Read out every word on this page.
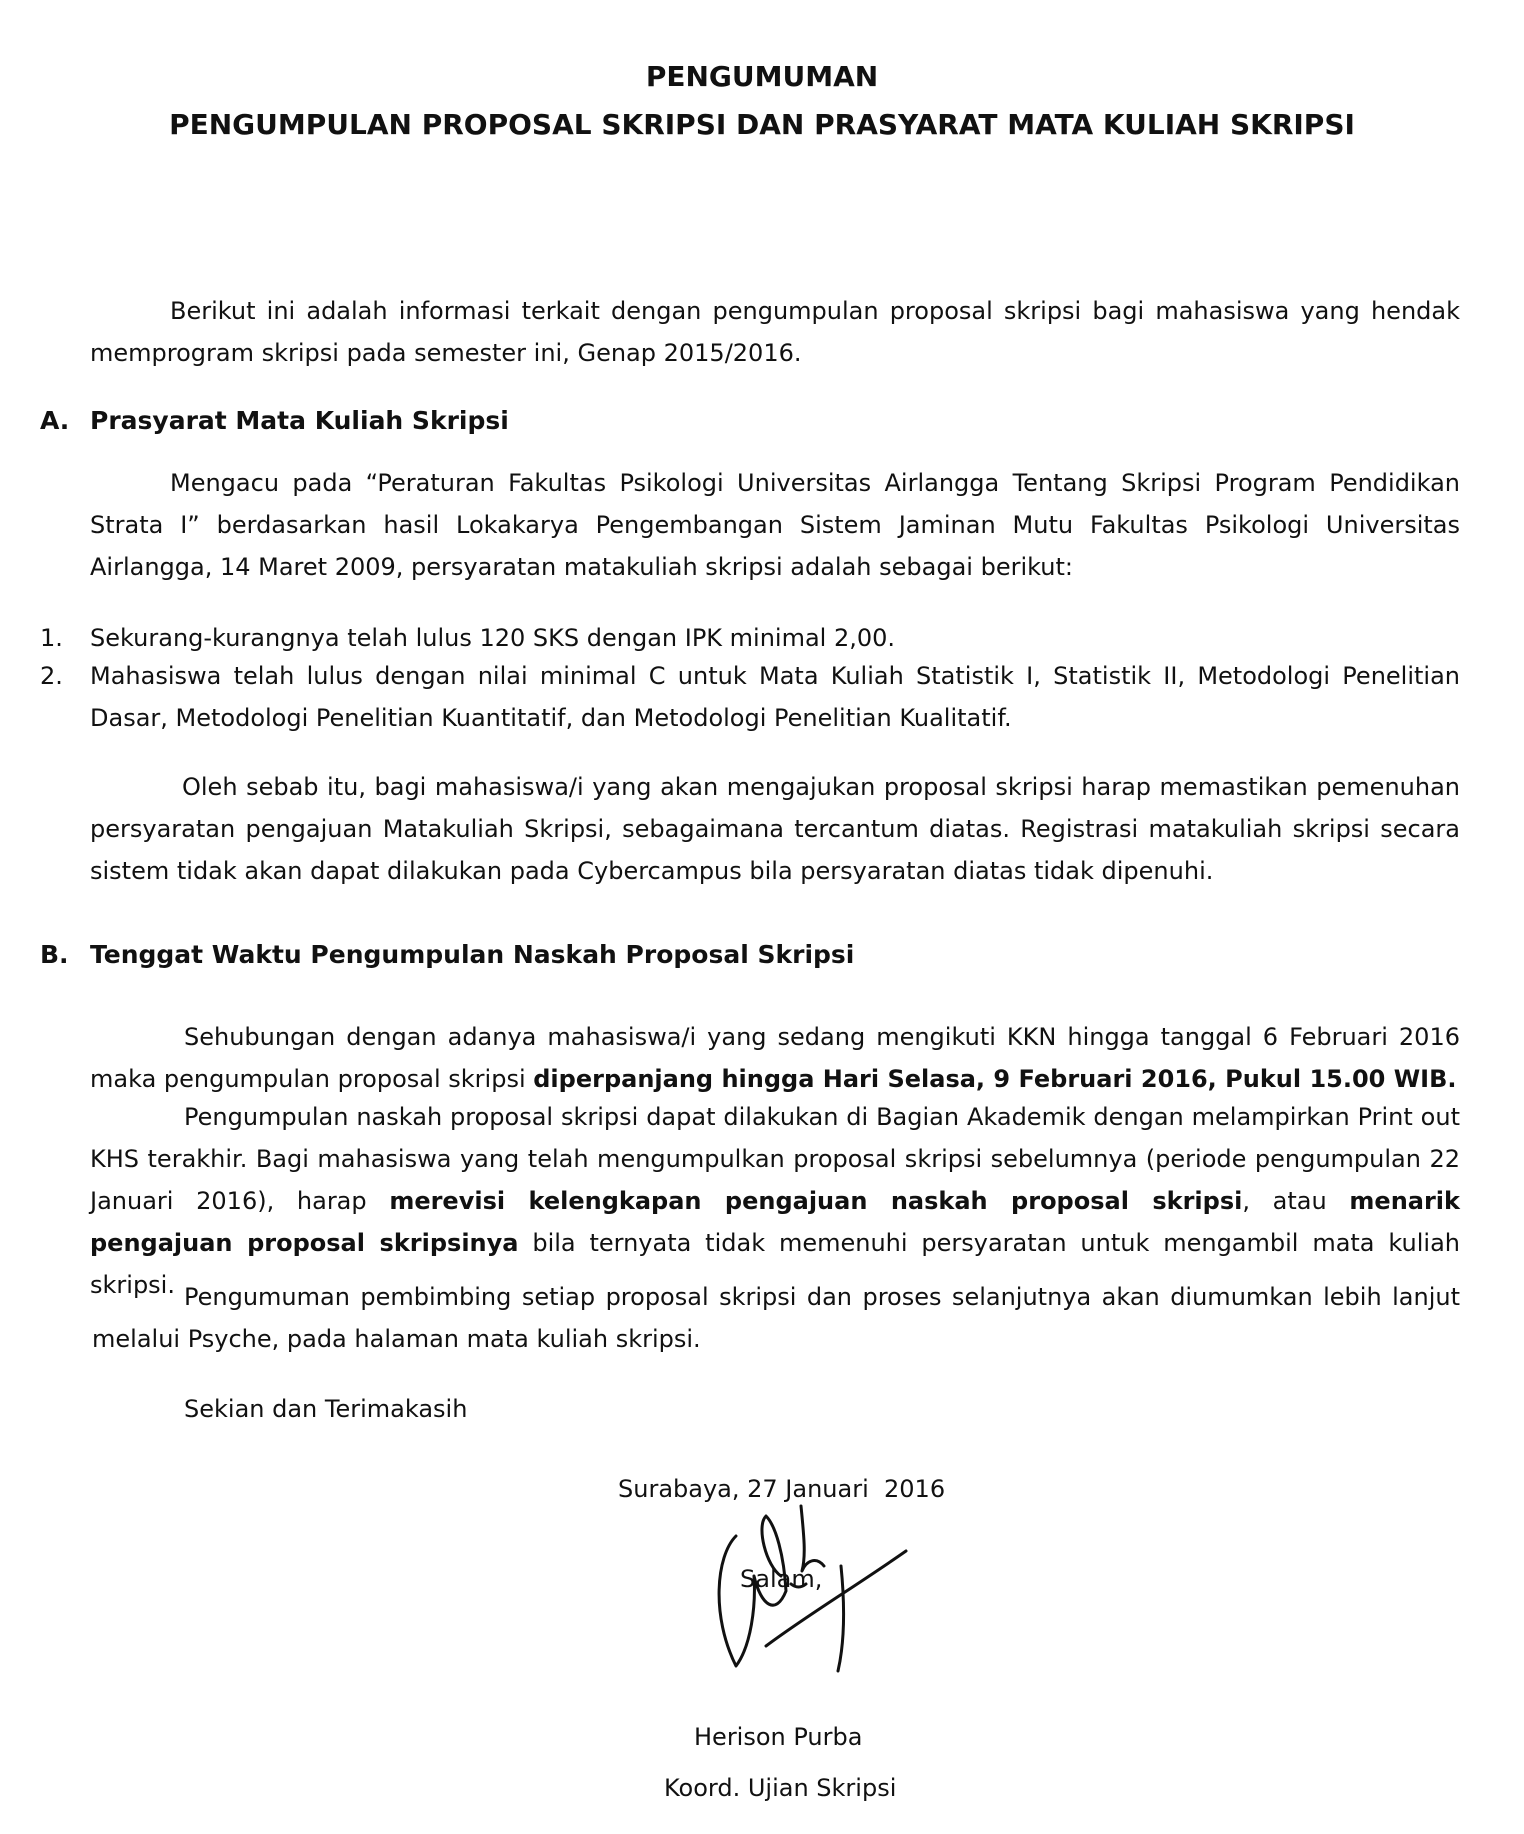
PENGUMUMAN
PENGUMPULAN PROPOSAL SKRIPSI DAN PRASYARAT MATA KULIAH SKRIPSI

Berikut ini adalah informasi terkait dengan pengumpulan proposal skripsi bagi mahasiswa yang hendak memprogram skripsi pada semester ini, Genap 2015/2016.

A. Prasyarat Mata Kuliah Skripsi

Mengacu pada “Peraturan Fakultas Psikologi Universitas Airlangga Tentang Skripsi Program Pendidikan Strata I” berdasarkan hasil Lokakarya Pengembangan Sistem Jaminan Mutu Fakultas Psikologi Universitas Airlangga, 14 Maret 2009, persyaratan matakuliah skripsi adalah sebagai berikut:

1. Sekurang-kurangnya telah lulus 120 SKS dengan IPK minimal 2,00.

2. Mahasiswa telah lulus dengan nilai minimal C untuk Mata Kuliah Statistik I, Statistik II, Metodologi Penelitian Dasar, Metodologi Penelitian Kuantitatif, dan Metodologi Penelitian Kualitatif.

Oleh sebab itu, bagi mahasiswa/i yang akan mengajukan proposal skripsi harap memastikan pemenuhan persyaratan pengajuan Matakuliah Skripsi, sebagaimana tercantum diatas. Registrasi matakuliah skripsi secara sistem tidak akan dapat dilakukan pada Cybercampus bila persyaratan diatas tidak dipenuhi.

B. Tenggat Waktu Pengumpulan Naskah Proposal Skripsi

Sehubungan dengan adanya mahasiswa/i yang sedang mengikuti KKN hingga tanggal 6 Februari 2016 maka pengumpulan proposal skripsi diperpanjang hingga Hari Selasa, 9 Februari 2016, Pukul 15.00 WIB.

Pengumpulan naskah proposal skripsi dapat dilakukan di Bagian Akademik dengan melampirkan Print out KHS terakhir. Bagi mahasiswa yang telah mengumpulkan proposal skripsi sebelumnya (periode pengumpulan 22 Januari 2016), harap merevisi kelengkapan pengajuan naskah proposal skripsi, atau menarik pengajuan proposal skripsinya bila ternyata tidak memenuhi persyaratan untuk mengambil mata kuliah skripsi. Pengumuman pembimbing setiap proposal skripsi dan proses selanjutnya akan diumumkan lebih lanjut melalui Psyche, pada halaman mata kuliah skripsi.

Sekian dan Terimakasih

Surabaya, 27 Januari  2016

Salam,

Herison Purba

Koord. Ujian Skripsi
